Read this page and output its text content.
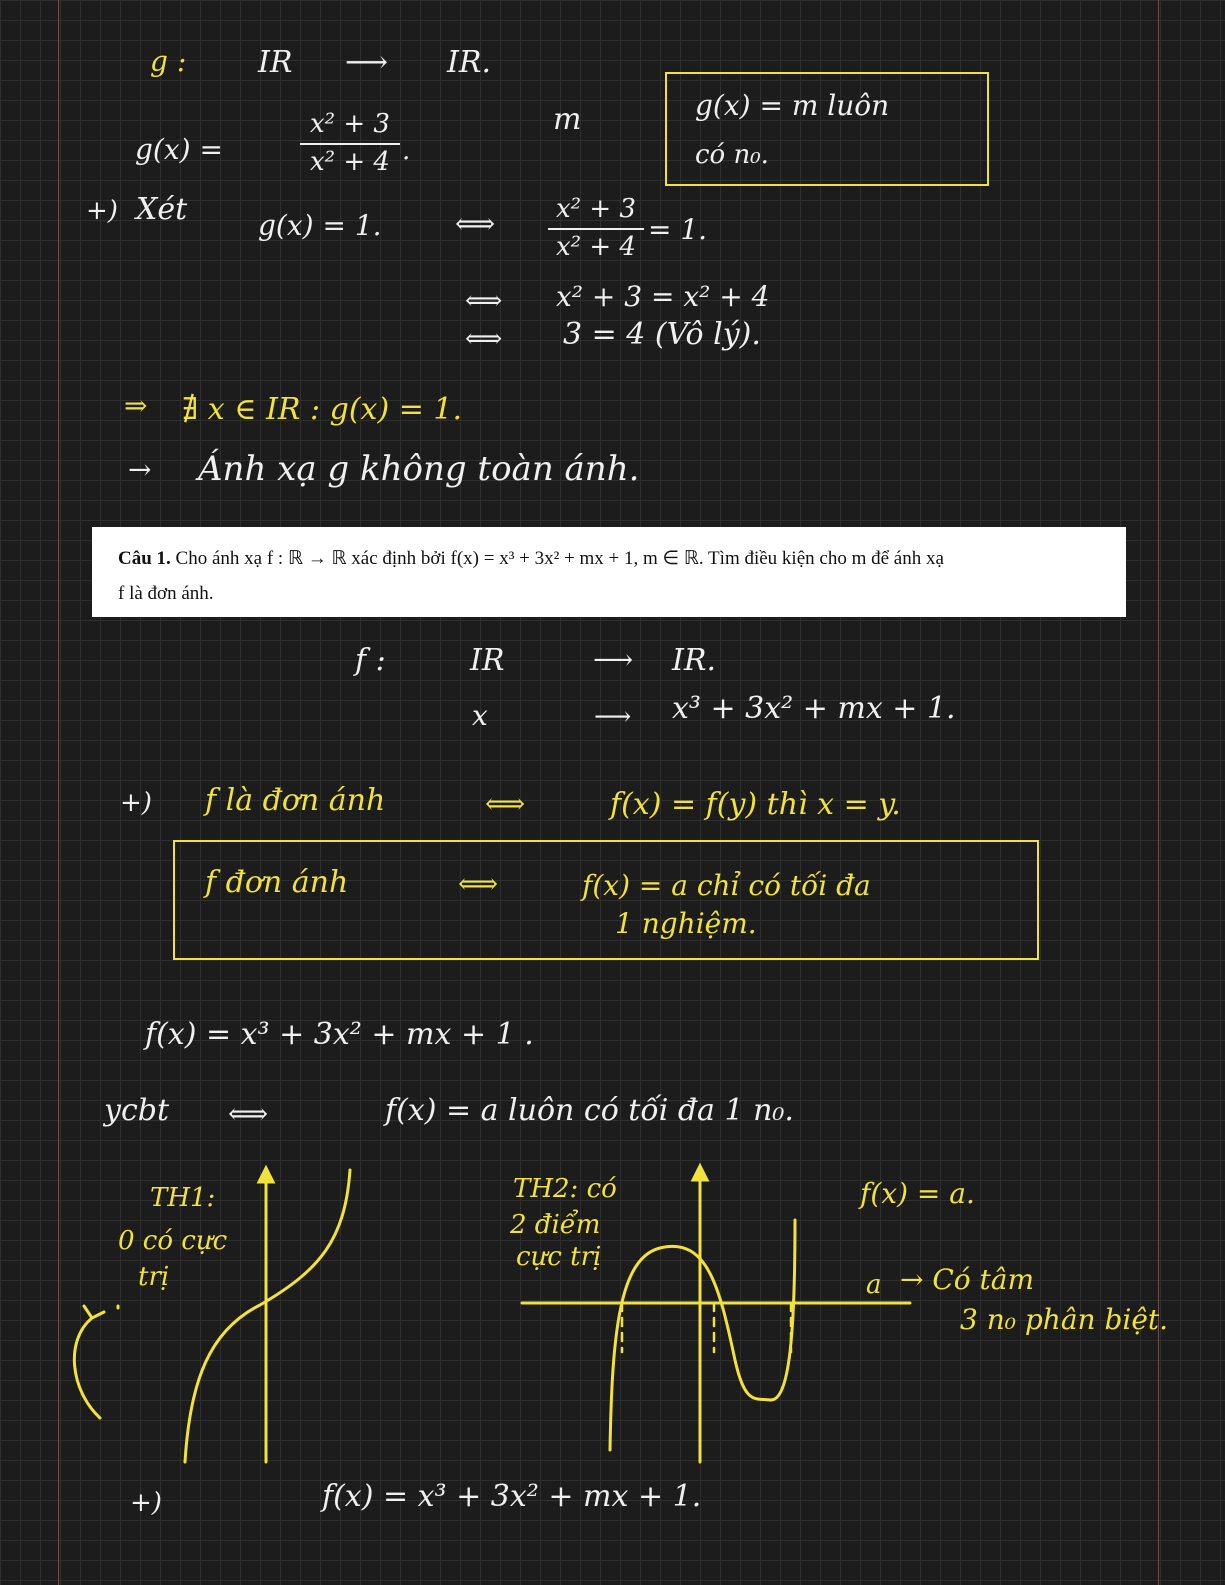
g : IR ⟶ IR.
g(x) =
x² + 3
x² + 4 .
m	g(x) = m luôn
có n₀.
+) Xét	g(x) = 1.	⟺	x² + 3
x² + 4
= 1.
⟺ x² + 3 = x² + 4
⟺ 3 = 4 (Vô lý).
⇒ ∄ x ∈ IR : g(x) = 1.
→ Ánh xạ g không toàn ánh.
Câu 1. Cho ánh xạ f : ℝ → ℝ xác định bởi f(x) = x³ + 3x² + mx + 1, m ∈ ℝ. Tìm điều kiện cho m để ánh xạ
f là đơn ánh.
f :	IR	⟶ IR.
x	⟶ x³ + 3x² + mx + 1.
+) f là đơn ánh	⟺	f(x) = f(y) thì x = y.
f đơn ánh	⟺	f(x) = a chỉ có tối đa
1 nghiệm.
f(x) = x³ + 3x² + mx + 1 .
ycbt ⟺	f(x) = a luôn có tối đa 1 n₀.
TH1:
0 có cực
trị
TH2: có
2 điểm
cực trị
f(x) = a.
a → Có tâm
3 n₀ phân biệt.
+)	f(x) = x³ + 3x² + mx + 1.
